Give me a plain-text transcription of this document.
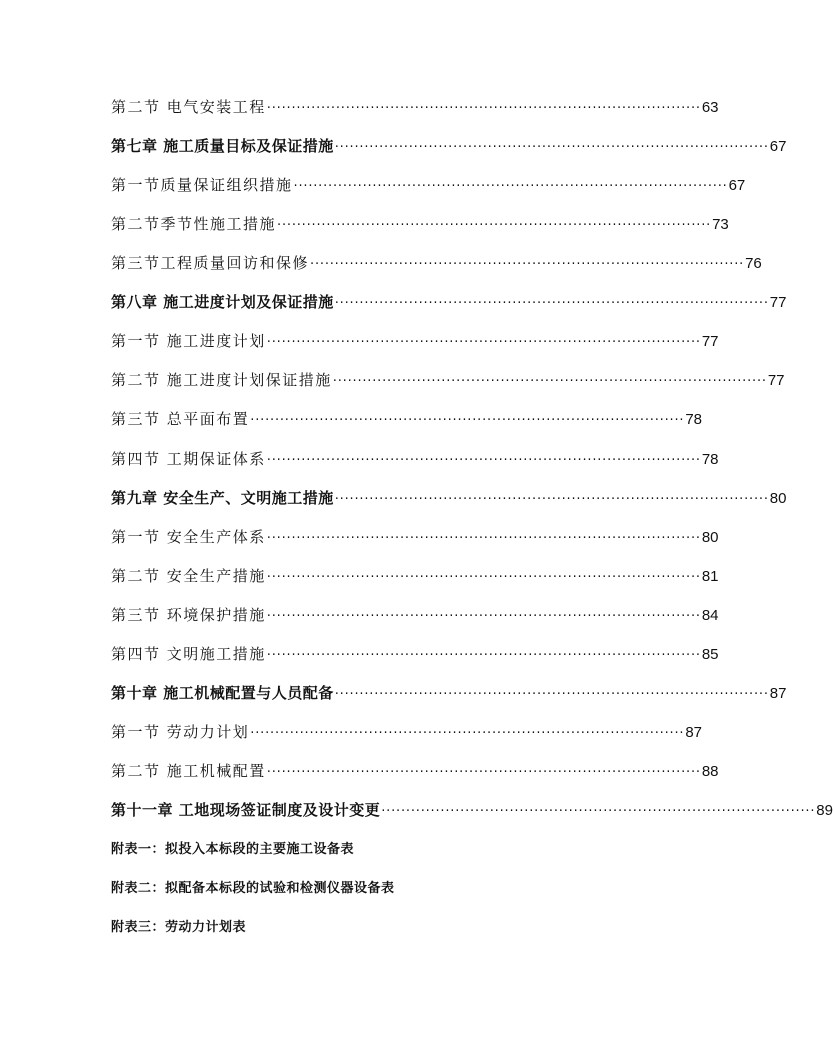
第二节 电气安装工程 ························································································ 63
第七章 施工质量目标及保证措施 ························································································ 67
第一节质量保证组织措施 ························································································ 67
第二节季节性施工措施 ························································································ 73
第三节工程质量回访和保修 ························································································ 76
第八章 施工进度计划及保证措施 ························································································ 77
第一节 施工进度计划 ························································································ 77
第二节 施工进度计划保证措施 ························································································ 77
第三节 总平面布置 ························································································ 78
第四节 工期保证体系 ························································································ 78
第九章 安全生产、文明施工措施 ························································································ 80
第一节 安全生产体系 ························································································ 80
第二节 安全生产措施 ························································································ 81
第三节 环境保护措施 ························································································ 84
第四节 文明施工措施 ························································································ 85
第十章 施工机械配置与人员配备 ························································································ 87
第一节 劳动力计划 ························································································ 87
第二节 施工机械配置 ························································································ 88
第十一章 工地现场签证制度及设计变更 ························································································ 89
附表一：拟投入本标段的主要施工设备表
附表二：拟配备本标段的试验和检测仪器设备表
附表三：劳动力计划表
